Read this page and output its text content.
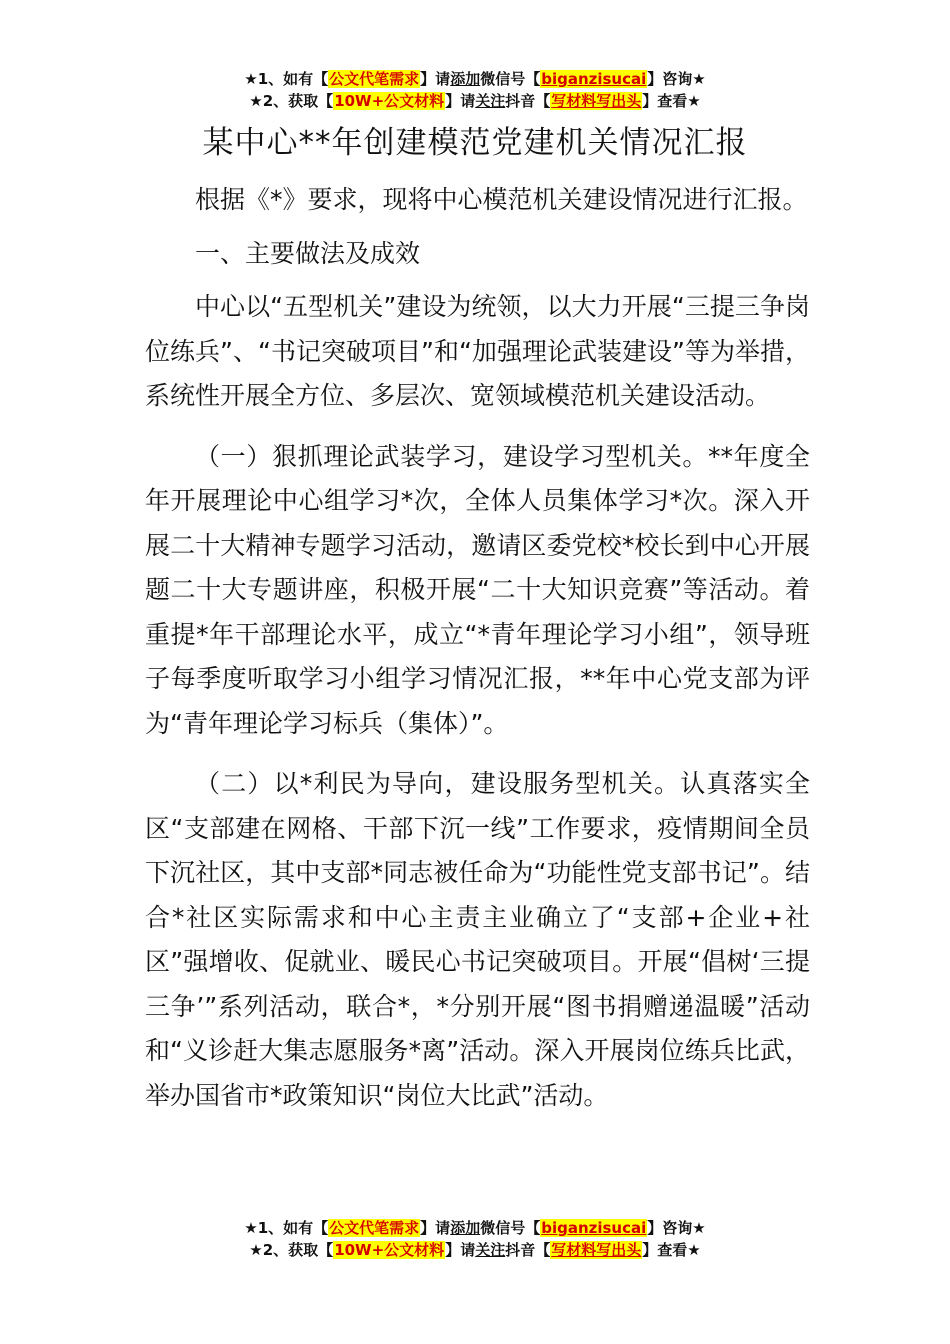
★1、如有【公文代笔需求】请添加微信号【biganzisucai】咨询★
★2、获取【10W+公文材料】请关注抖音【写材料写出头】查看★
某中心**年创建模范党建机关情况汇报

根据《*》要求，现将中心模范机关建设情况进行汇报。

一、主要做法及成效

中心以“五型机关”建设为统领，以大力开展“三提三争岗位练兵”、“书记突破项目”和“加强理论武装建设”等为举措，系统性开展全方位、多层次、宽领域模范机关建设活动。

（一）狠抓理论武装学习，建设学习型机关。**年度全年开展理论中心组学习*次，全体人员集体学习*次。深入开展二十大精神专题学习活动，邀请区委党校*校长到中心开展题二十大专题讲座，积极开展“二十大知识竞赛”等活动。着重提*年干部理论水平，成立“*青年理论学习小组”，领导班子每季度听取学习小组学习情况汇报，**年中心党支部为评为“青年理论学习标兵（集体）”。

（二）以*利民为导向，建设服务型机关。认真落实全区“支部建在网格、干部下沉一线”工作要求，疫情期间全员下沉社区，其中支部*同志被任命为“功能性党支部书记”。结合*社区实际需求和中心主责主业确立了“支部+企业+社区”强增收、促就业、暖民心书记突破项目。开展“倡树‘三提三争’”系列活动，联合*，*分别开展“图书捐赠递温暖”活动和“义诊赶大集志愿服务*离”活动。深入开展岗位练兵比武，举办国省市*政策知识“岗位大比武”活动。

★1、如有【公文代笔需求】请添加微信号【biganzisucai】咨询★
★2、获取【10W+公文材料】请关注抖音【写材料写出头】查看★
